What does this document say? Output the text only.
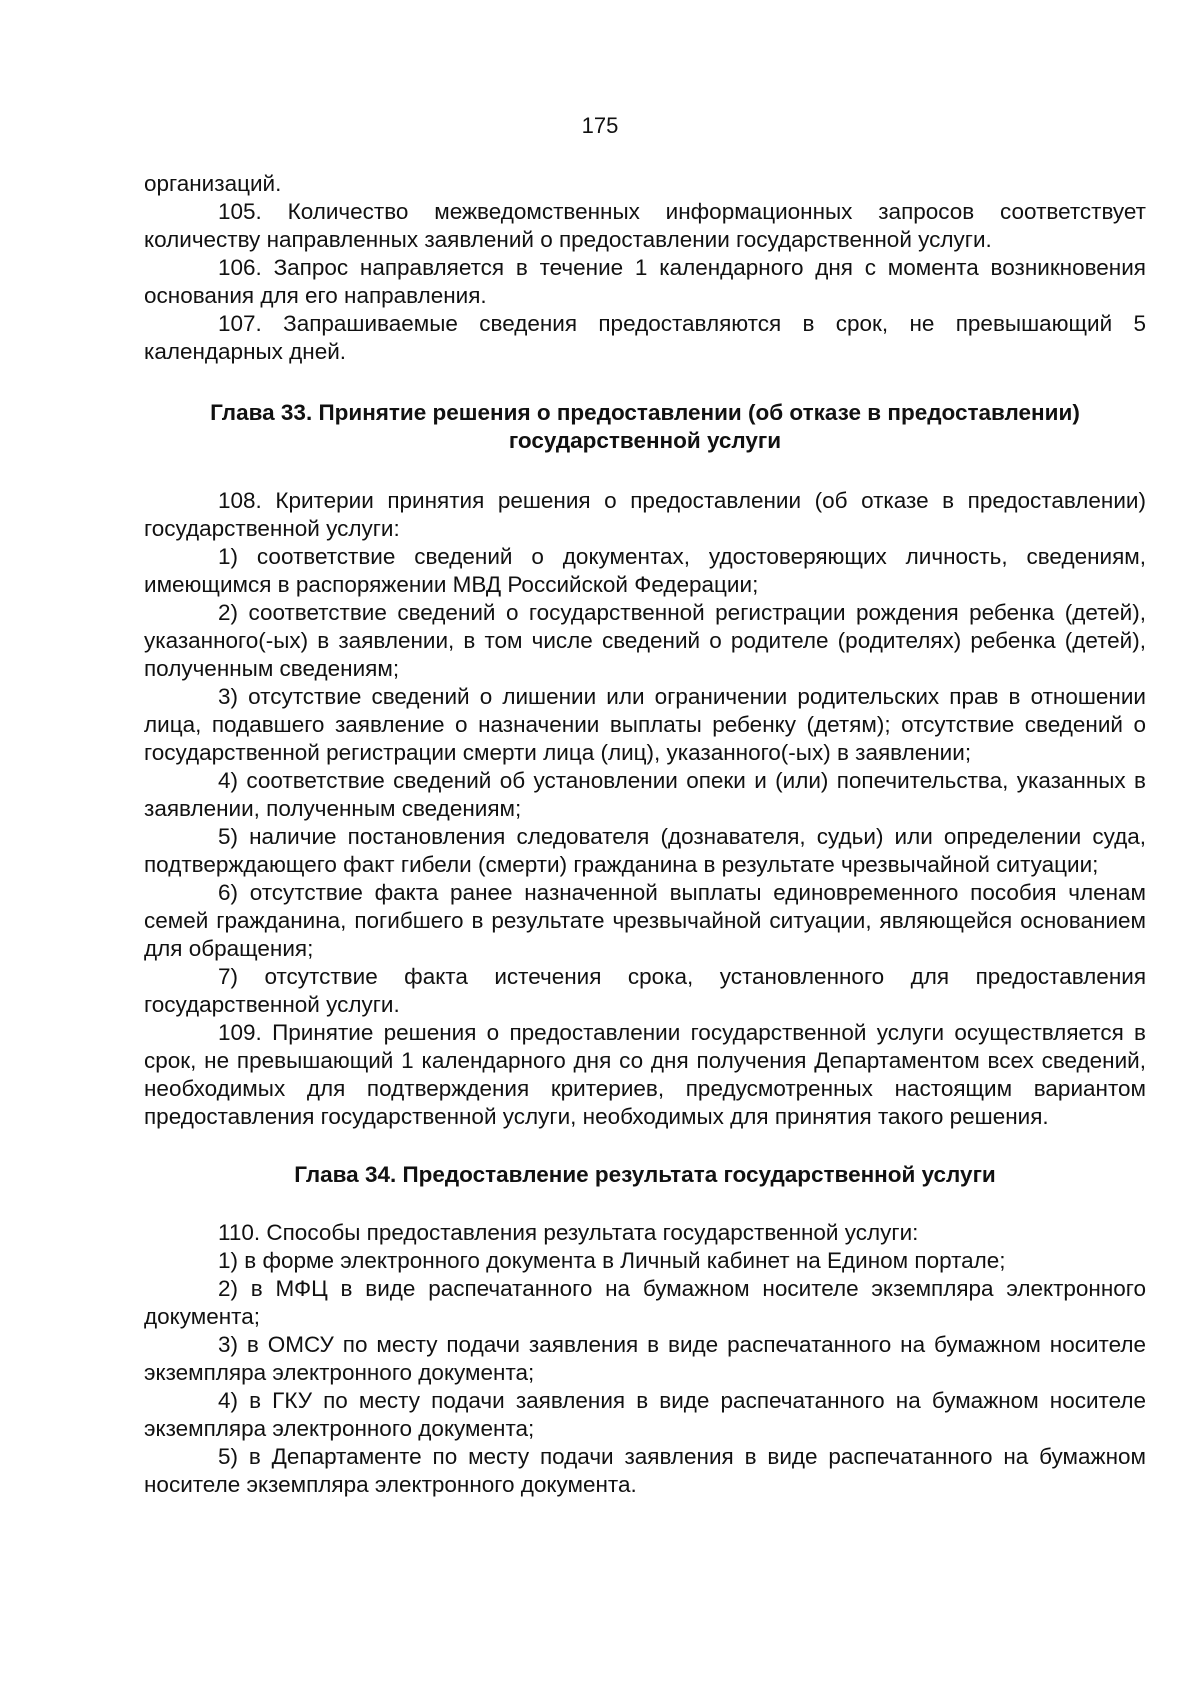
175

организаций.

105. Количество межведомственных информационных запросов соответствует количеству направленных заявлений о предоставлении государственной услуги.

106. Запрос направляется в течение 1 календарного дня с момента возникновения основания для его направления.

107. Запрашиваемые сведения предоставляются в срок, не превышающий 5 календарных дней.

Глава 33. Принятие решения о предоставлении (об отказе в предоставлении) государственной услуги

108. Критерии принятия решения о предоставлении (об отказе в предоставлении) государственной услуги:

1) соответствие сведений о документах, удостоверяющих личность, сведениям, имеющимся в распоряжении МВД Российской Федерации;

2) соответствие сведений о государственной регистрации рождения ребенка (детей), указанного(-ых) в заявлении, в том числе сведений о родителе (родителях) ребенка (детей), полученным сведениям;

3) отсутствие сведений о лишении или ограничении родительских прав в отношении лица, подавшего заявление о назначении выплаты ребенку (детям); отсутствие сведений о государственной регистрации смерти лица (лиц), указанного(-ых) в заявлении;

4) соответствие сведений об установлении опеки и (или) попечительства, указанных в заявлении, полученным сведениям;

5) наличие постановления следователя (дознавателя, судьи) или определении суда, подтверждающего факт гибели (смерти) гражданина в результате чрезвычайной ситуации;

6) отсутствие факта ранее назначенной выплаты единовременного пособия членам семей гражданина, погибшего в результате чрезвычайной ситуации, являющейся основанием для обращения;

7) отсутствие факта истечения срока, установленного для предоставления государственной услуги.

109. Принятие решения о предоставлении государственной услуги осуществляется в срок, не превышающий 1 календарного дня со дня получения Департаментом всех сведений, необходимых для подтверждения критериев, предусмотренных настоящим вариантом предоставления государственной услуги, необходимых для принятия такого решения.

Глава 34. Предоставление результата государственной услуги

110. Способы предоставления результата государственной услуги:

1) в форме электронного документа в Личный кабинет на Едином портале;

2) в МФЦ в виде распечатанного на бумажном носителе экземпляра электронного документа;

3) в ОМСУ по месту подачи заявления в виде распечатанного на бумажном носителе экземпляра электронного документа;

4) в ГКУ по месту подачи заявления в виде распечатанного на бумажном носителе экземпляра электронного документа;

5) в Департаменте по месту подачи заявления в виде распечатанного на бумажном носителе экземпляра электронного документа.
